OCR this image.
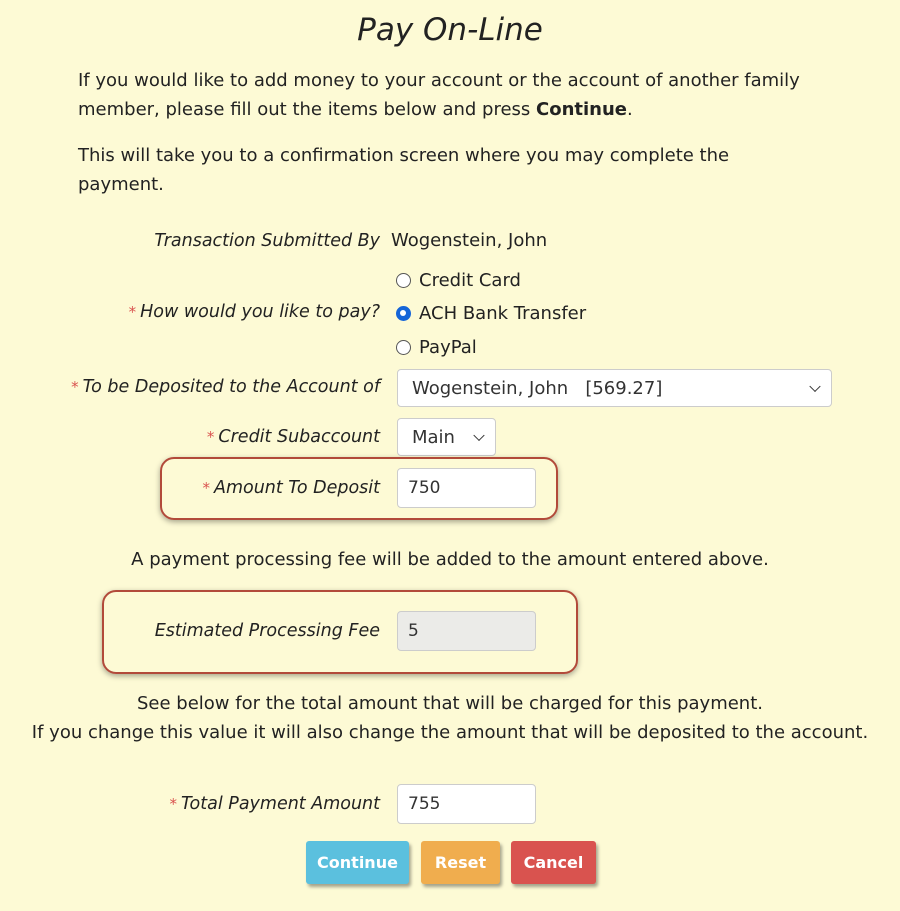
Pay On-Line
If you would like to add money to your account or the account of another family member, please fill out the items below and press Continue.
This will take you to a confirmation screen where you may complete the payment.
Transaction Submitted By Wogenstein, John
* How would you like to pay?
Credit Card
ACH Bank Transfer
PayPal
* To be Deposited to the Account of Wogenstein, John   [569.27]
* Credit Subaccount Main
* Amount To Deposit	750
A payment processing fee will be added to the amount entered above.
Estimated Processing Fee	5
See below for the total amount that will be charged for this payment.
If you change this value it will also change the amount that will be deposited to the account.
* Total Payment Amount	755
Continue	Reset	Cancel
